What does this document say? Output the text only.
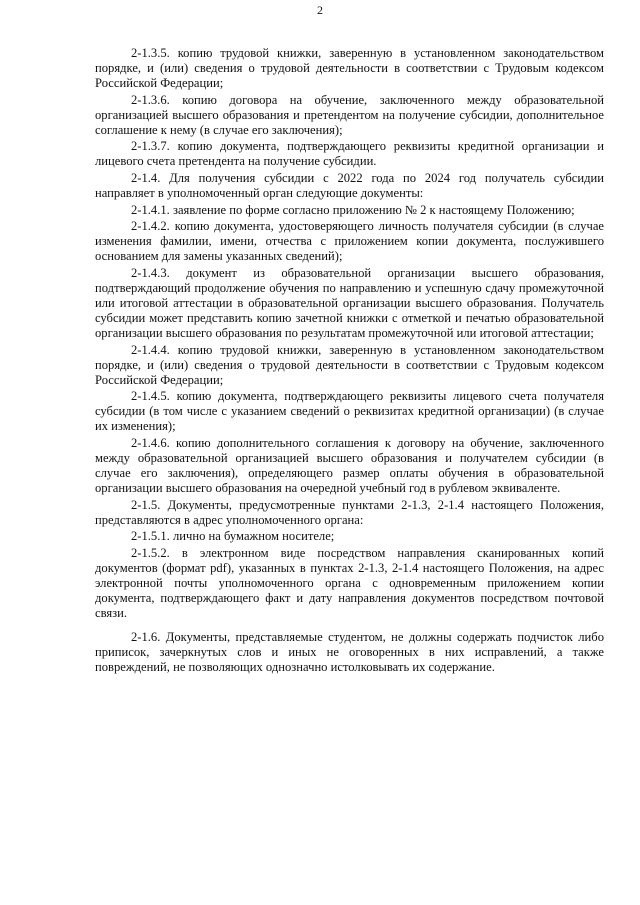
2

2-1.3.5. копию трудовой книжки, заверенную в установленном законодательством порядке, и (или) сведения о трудовой деятельности в соответствии с Трудовым кодексом Российской Федерации;

2-1.3.6. копию договора на обучение, заключенного между образовательной организацией высшего образования и претендентом на получение субсидии, дополнительное соглашение к нему (в случае его заключения);

2-1.3.7. копию документа, подтверждающего реквизиты кредитной организации и лицевого счета претендента на получение субсидии.

2-1.4. Для получения субсидии с 2022 года по 2024 год получатель субсидии направляет в уполномоченный орган следующие документы:

2-1.4.1. заявление по форме согласно приложению № 2 к настоящему Положению;

2-1.4.2. копию документа, удостоверяющего личность получателя субсидии (в случае изменения фамилии, имени, отчества с приложением копии документа, послужившего основанием для замены указанных сведений);

2-1.4.3. документ из образовательной организации высшего образования, подтверждающий продолжение обучения по направлению и успешную сдачу промежуточной или итоговой аттестации в образовательной организации высшего образования. Получатель субсидии может представить копию зачетной книжки с отметкой и печатью образовательной организации высшего образования по результатам промежуточной или итоговой аттестации;

2-1.4.4. копию трудовой книжки, заверенную в установленном законодательством порядке, и (или) сведения о трудовой деятельности в соответствии с Трудовым кодексом Российской Федерации;

2-1.4.5. копию документа, подтверждающего реквизиты лицевого счета получателя субсидии (в том числе с указанием сведений о реквизитах кредитной организации) (в случае их изменения);

2-1.4.6. копию дополнительного соглашения к договору на обучение, заключенного между образовательной организацией высшего образования и получателем субсидии (в случае его заключения), определяющего размер оплаты обучения в образовательной организации высшего образования на очередной учебный год в рублевом эквиваленте.

2-1.5. Документы, предусмотренные пунктами 2-1.3, 2-1.4 настоящего Положения, представляются в адрес уполномоченного органа:

2-1.5.1. лично на бумажном носителе;

2-1.5.2. в электронном виде посредством направления сканированных копий документов (формат pdf), указанных в пунктах 2-1.3, 2-1.4 настоящего Положения, на адрес электронной почты уполномоченного органа с одновременным приложением копии документа, подтверждающего факт и дату направления документов посредством почтовой связи.

2-1.6. Документы, представляемые студентом, не должны содержать подчисток либо приписок, зачеркнутых слов и иных не оговоренных в них исправлений, а также повреждений, не позволяющих однозначно истолковывать их содержание.
